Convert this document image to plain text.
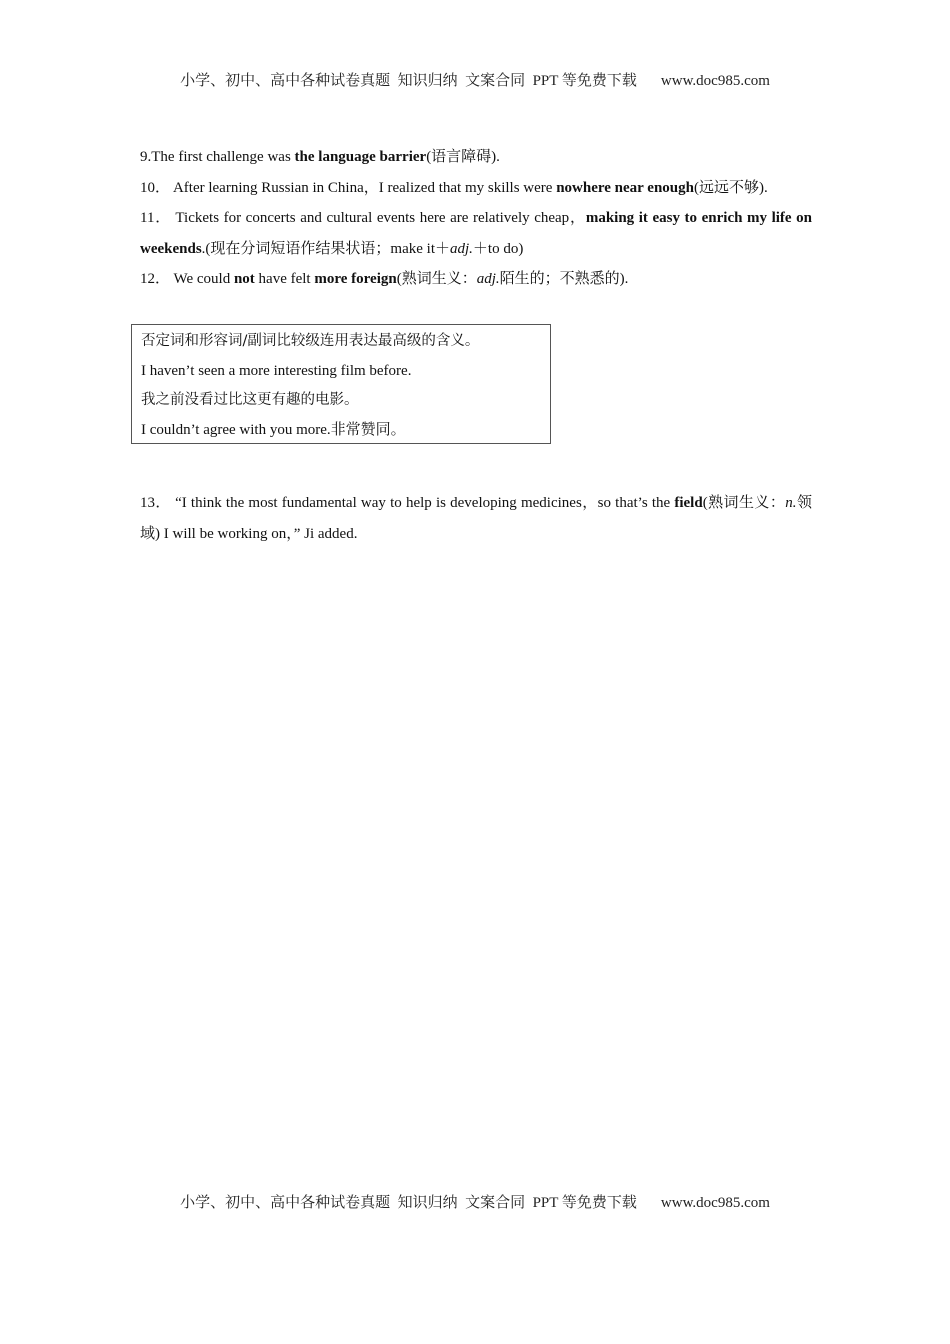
小学、初中、高中各种试卷真题  知识归纳  文案合同  PPT 等免费下载 www.doc985.com

9.The first challenge was the language barrier(语言障碍).

10． After learning Russian in China，I realized that my skills were nowhere near enough(远远不够).

11． Tickets for concerts and cultural events here are relatively cheap，making it easy to enrich my life on weekends.(现在分词短语作结果状语；make it＋adj.＋to do)

12． We could not have felt more foreign(熟词生义：adj.陌生的；不熟悉的).

否定词和形容词/副词比较级连用表达最高级的含义。
I haven’t seen a more interesting film before.
我之前没看过比这更有趣的电影。
I couldn’t agree with you more.非常赞同。

13． “I think the most fundamental way to help is developing medicines，so that’s the field(熟词生义：n.领域) I will be working on，” Ji added.

小学、初中、高中各种试卷真题  知识归纳  文案合同  PPT 等免费下载 www.doc985.com
